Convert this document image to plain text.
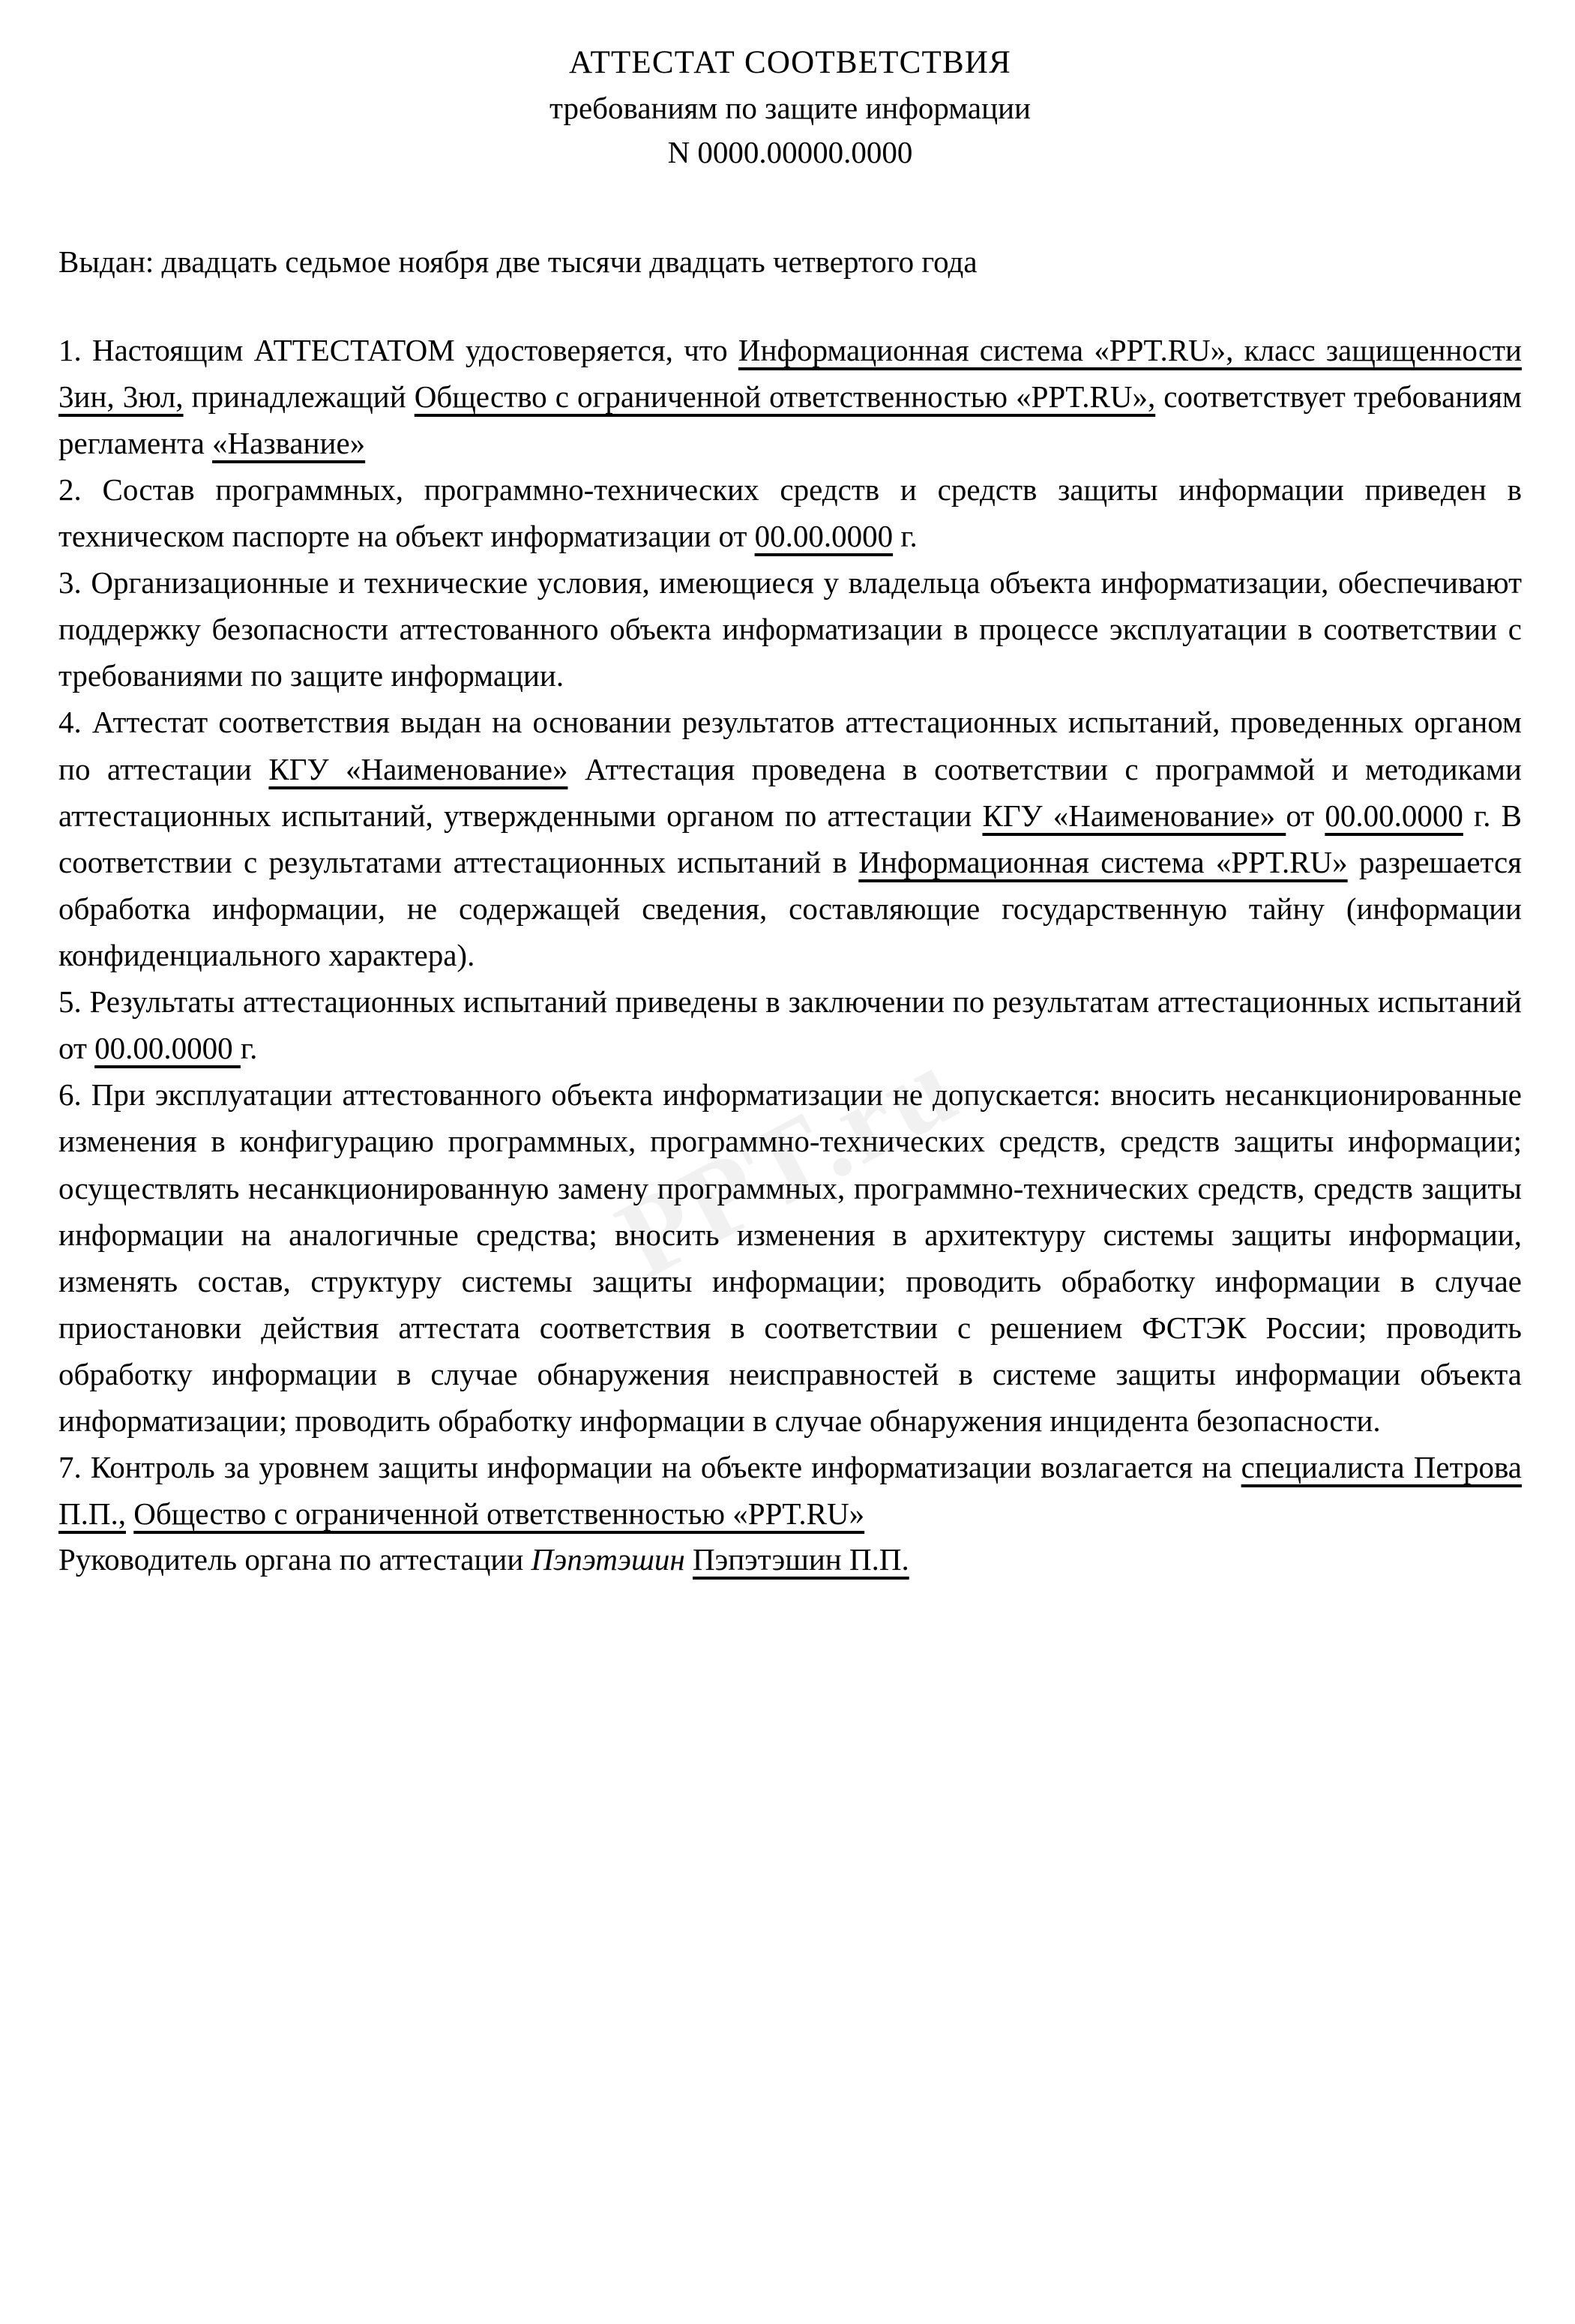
PPT.ru
АТТЕСТАТ СООТВЕТСТВИЯ
требованиям по защите информации
N 0000.00000.0000
Выдан: двадцать седьмое ноября две тысячи двадцать четвертого года

1. Настоящим АТТЕСТАТОМ удостоверяется, что Информационная система «PPT.RU», класс защищенности 3ин, 3юл, принадлежащий Общество с ограниченной ответственностью «PPT.RU», соответствует требованиям регламента «Название»

2. Состав программных, программно-технических средств и средств защиты информации приведен в техническом паспорте на объект информатизации от 00.00.0000 г.

3. Организационные и технические условия, имеющиеся у владельца объекта информатизации, обеспечивают поддержку безопасности аттестованного объекта информатизации в процессе эксплуатации в соответствии с требованиями по защите информации.

4. Аттестат соответствия выдан на основании результатов аттестационных испытаний, проведенных органом по аттестации КГУ «Наименование» Аттестация проведена в соответствии с программой и методиками аттестационных испытаний, утвержденными органом по аттестации КГУ «Наименование» от 00.00.0000 г. В соответствии с результатами аттестационных испытаний в Информационная система «PPT.RU» разрешается обработка информации, не содержащей сведения, составляющие государственную тайну (информации конфиденциального характера).

5. Результаты аттестационных испытаний приведены в заключении по результатам аттестационных испытаний от 00.00.0000 г.

6. При эксплуатации аттестованного объекта информатизации не допускается: вносить несанкционированные изменения в конфигурацию программных, программно-технических средств, средств защиты информации; осуществлять несанкционированную замену программных, программно-технических средств, средств защиты информации на аналогичные средства; вносить изменения в архитектуру системы защиты информации, изменять состав, структуру системы защиты информации; проводить обработку информации в случае приостановки действия аттестата соответствия в соответствии с решением ФСТЭК России; проводить обработку информации в случае обнаружения неисправностей в системе защиты информации объекта информатизации; проводить обработку информации в случае обнаружения инцидента безопасности.

7. Контроль за уровнем защиты информации на объекте информатизации возлагается на специалиста Петрова П.П., Общество с ограниченной ответственностью «PPT.RU»

Руководитель органа по аттестации Пэпэтэшин Пэпэтэшин П.П.
